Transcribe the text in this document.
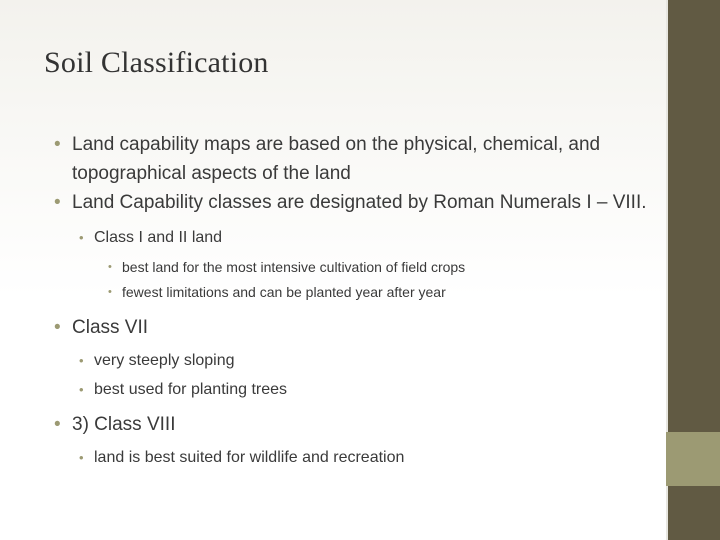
Soil Classification
• Land capability maps are based on the physical, chemical, and topographical aspects of the land
• Land Capability classes are designated by Roman Numerals I – VIII.
• Class I and II land
• best land for the most intensive cultivation of field crops
• fewest limitations and can be planted year after year
• Class VII
• very steeply sloping
• best used for planting trees
• 3) Class VIII
• land is best suited for wildlife and recreation
